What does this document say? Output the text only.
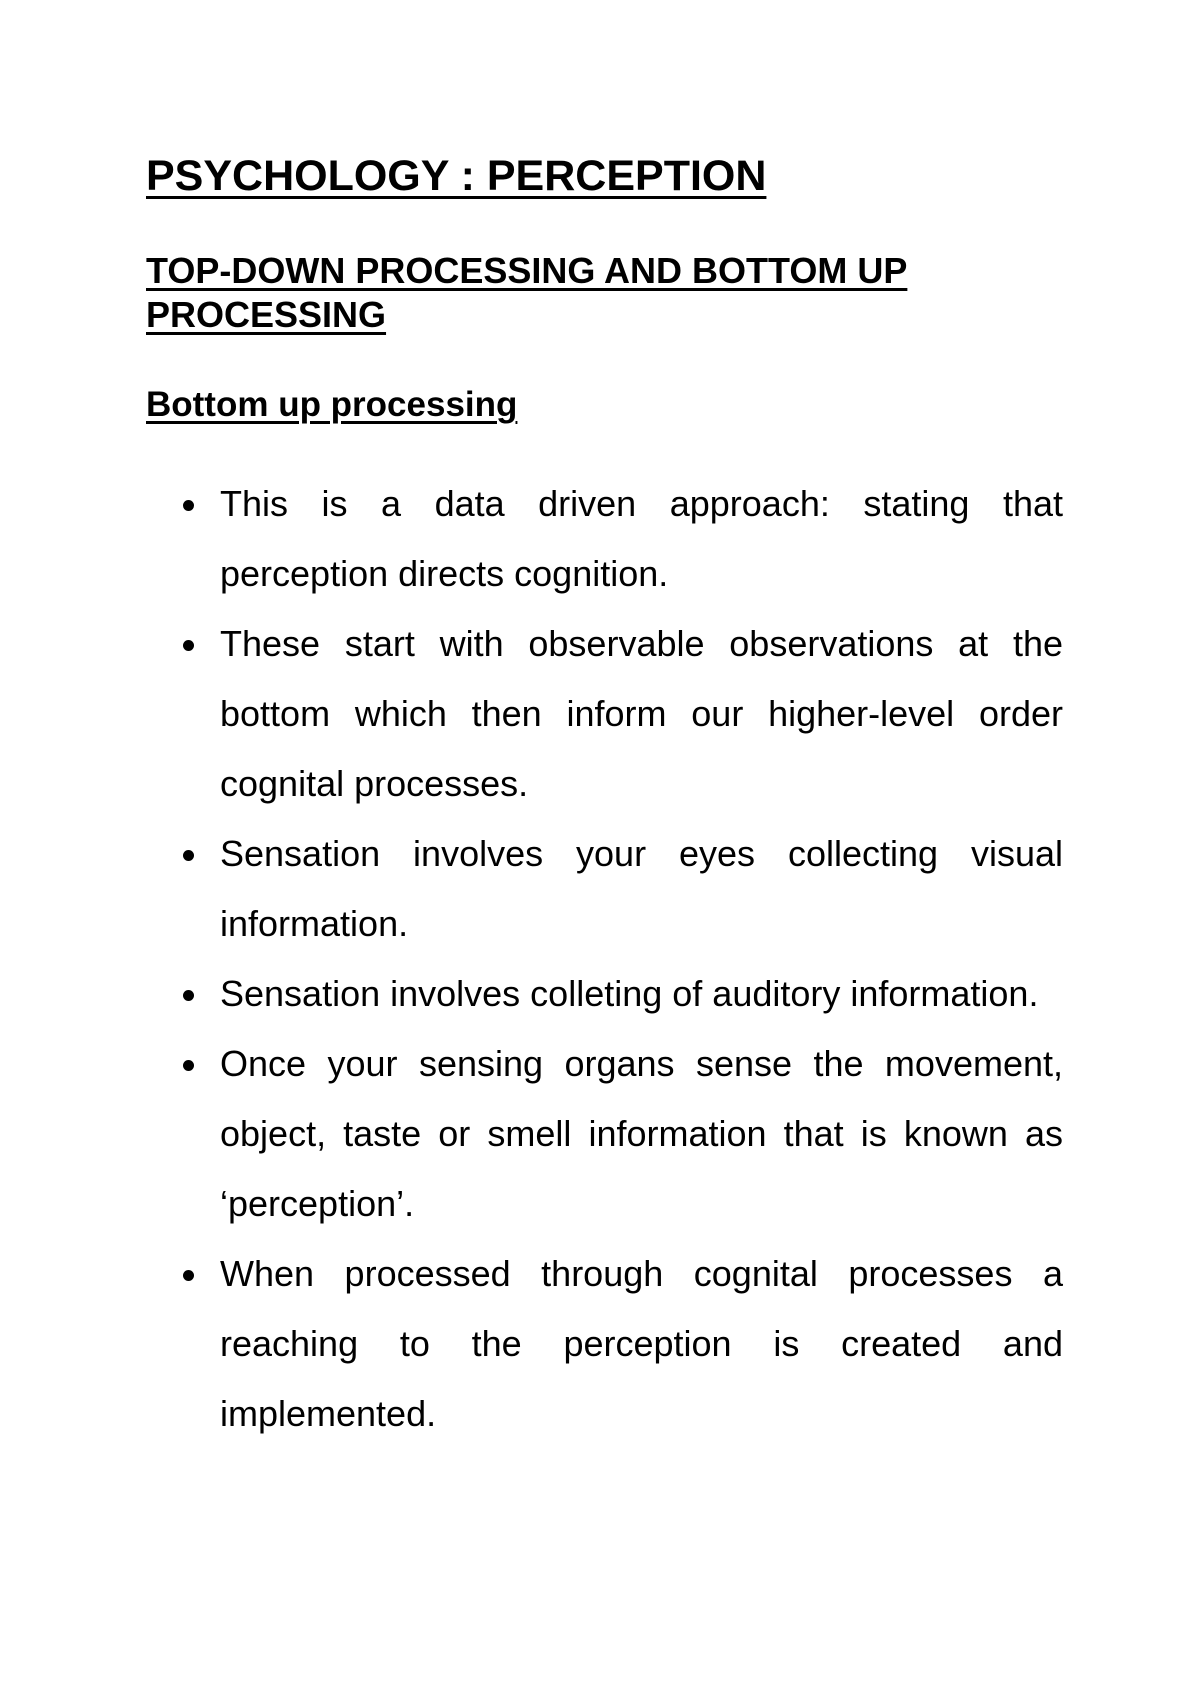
PSYCHOLOGY : PERCEPTION
TOP-DOWN PROCESSING AND BOTTOM UP PROCESSING
Bottom up processing
This is a data driven approach: stating that perception directs cognition.
These start with observable observations at the bottom which then inform our higher-level order cognital processes.
Sensation involves your eyes collecting visual information.
Sensation involves colleting of auditory information.
Once your sensing organs sense the movement, object, taste or smell information that is known as ‘perception’.
When processed through cognital processes a reaching to the perception is created and implemented.
